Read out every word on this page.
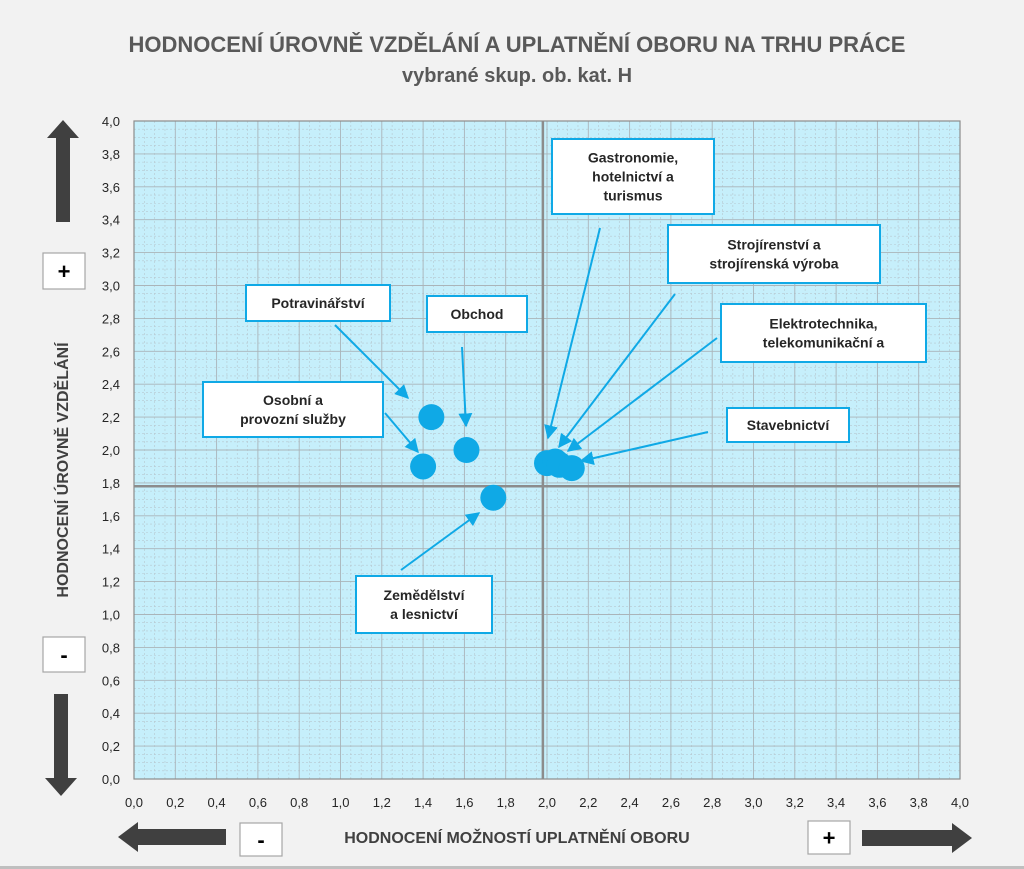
HODNOCENÍ ÚROVNĚ VZDĚLÁNÍ A UPLATNĚNÍ OBORU NA TRHU PRÁCE
vybrané skup. ob. kat. H
0,0 0,2 0,4 0,6 0,8 1,0 1,2 1,4 1,6 1,8 2,0 2,2 2,4 2,6 2,8 3,0 3,2 3,4 3,6 3,8 4,0
0,0
0,2
0,4
0,6
0,8
1,0
1,2
1,4
1,6
1,8
2,0
2,2
2,4
2,6
2,8
3,0
3,2
3,4
3,6
3,8
4,0
Gastronomie,
hotelnictví a
turismus
Strojírenství a
strojírenská výroba
Elektrotechnika,
telekomunikační a
Stavebnictví
Potravinářství
Obchod
Osobní a
provozní služby
Zemědělství
a lesnictví
HODNOCENÍ MOŽNOSTÍ UPLATNĚNÍ OBORU
HODNOCENÍ ÚROVNĚ VZDĚLÁNÍ
+
-
-	+
